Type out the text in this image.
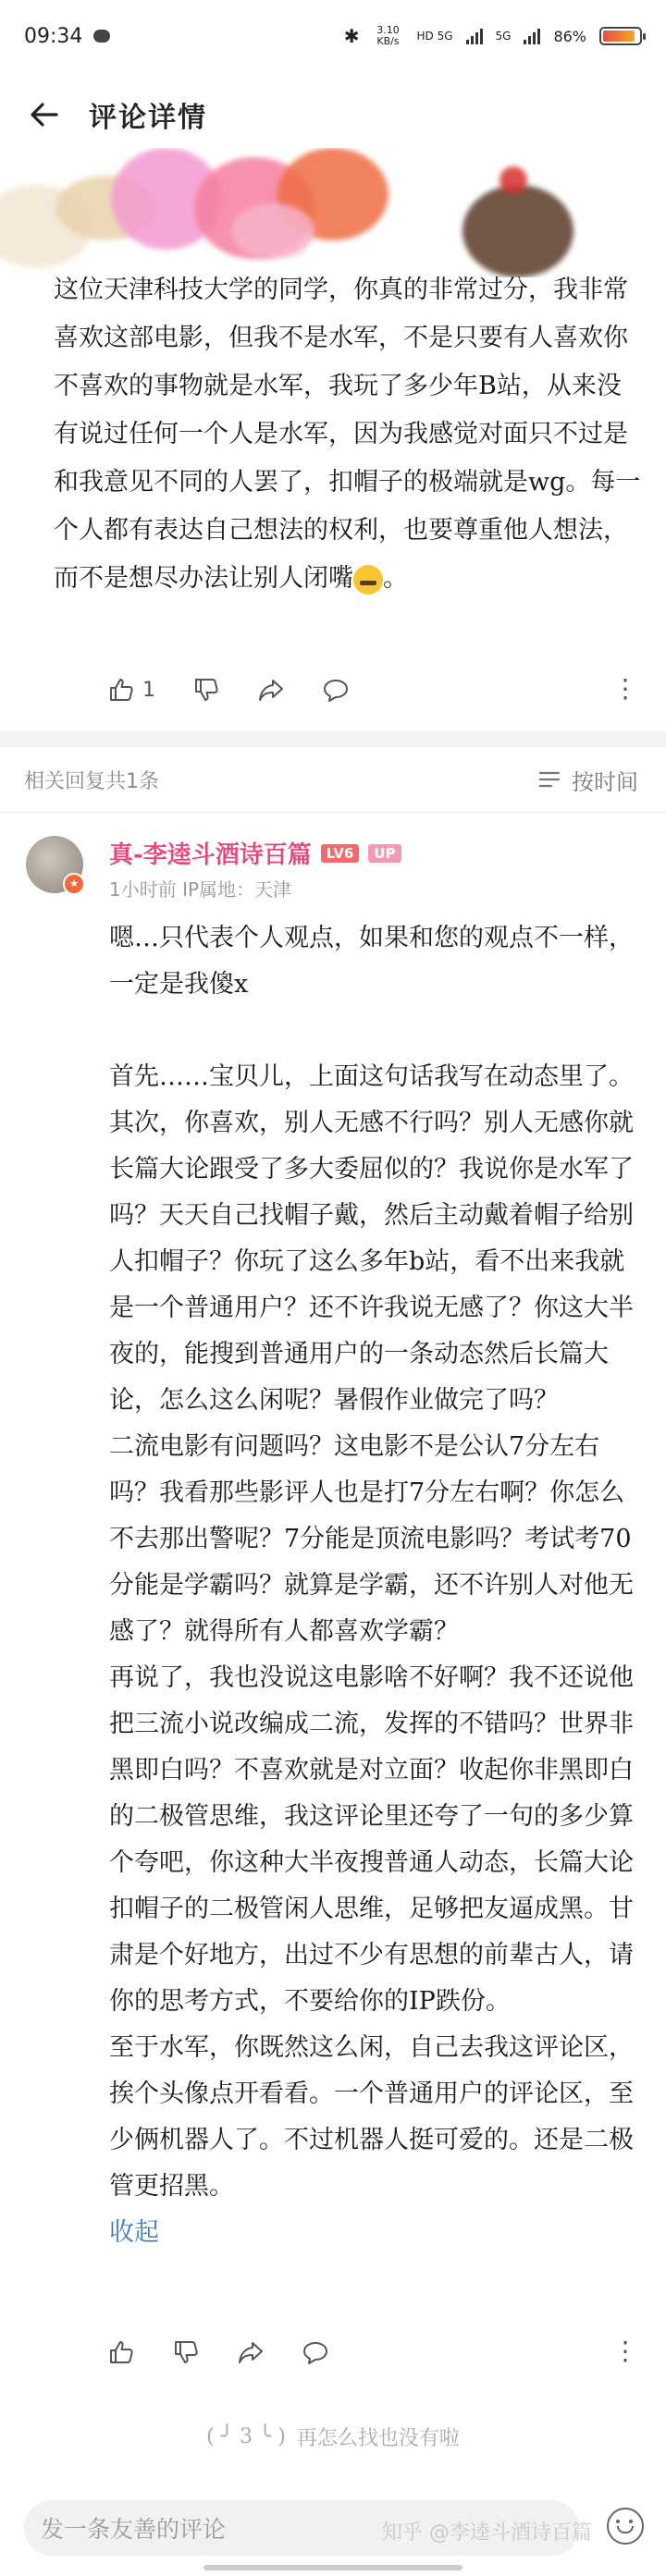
09:34	✱	3.10 KB/s	HD 5G	5G	86%
评论详情

这位天津科技大学的同学，你真的非常过分，我非常喜欢这部电影，但我不是水军，不是只要有人喜欢你不喜欢的事物就是水军，我玩了多少年B站，从来没有说过任何一个人是水军，因为我感觉对面只不过是和我意见不同的人罢了，扣帽子的极端就是wg。每一个人都有表达自己想法的权利，也要尊重他人想法，而不是想尽办法让别人闭嘴 。

1	⋮
相关回复共1条	按时间
★
真-李逵斗酒诗百篇	LV6	UP
1小时前 IP属地：天津

嗯…只代表个人观点，如果和您的观点不一样，一定是我傻x

首先……宝贝儿，上面这句话我写在动态里了。

其次，你喜欢，别人无感不行吗？别人无感你就长篇大论跟受了多大委屈似的？我说你是水军了吗？天天自己找帽子戴，然后主动戴着帽子给别人扣帽子？你玩了这么多年b站，看不出来我就是一个普通用户？还不许我说无感了？你这大半夜的，能搜到普通用户的一条动态然后长篇大论，怎么这么闲呢？暑假作业做完了吗？

二流电影有问题吗？这电影不是公认7分左右吗？我看那些影评人也是打7分左右啊？你怎么不去那出警呢？7分能是顶流电影吗？考试考70分能是学霸吗？就算是学霸，还不许别人对他无感了？就得所有人都喜欢学霸？

再说了，我也没说这电影啥不好啊？我不还说他把三流小说改编成二流，发挥的不错吗？世界非黑即白吗？不喜欢就是对立面？收起你非黑即白的二极管思维，我这评论里还夸了一句的多少算个夸吧，你这种大半夜搜普通人动态，长篇大论扣帽子的二极管闲人思维，足够把友逼成黑。甘肃是个好地方，出过不少有思想的前辈古人，请你的思考方式，不要给你的IP跌份。

至于水军，你既然这么闲，自己去我这评论区，挨个头像点开看看。一个普通用户的评论区，至少俩机器人了。不过机器人挺可爱的。还是二极管更招黑。

收起
⋮
( ╯ 3 ╰ ) 再怎么找也没有啦
发一条友善的评论	知乎 @李逵斗酒诗百篇
